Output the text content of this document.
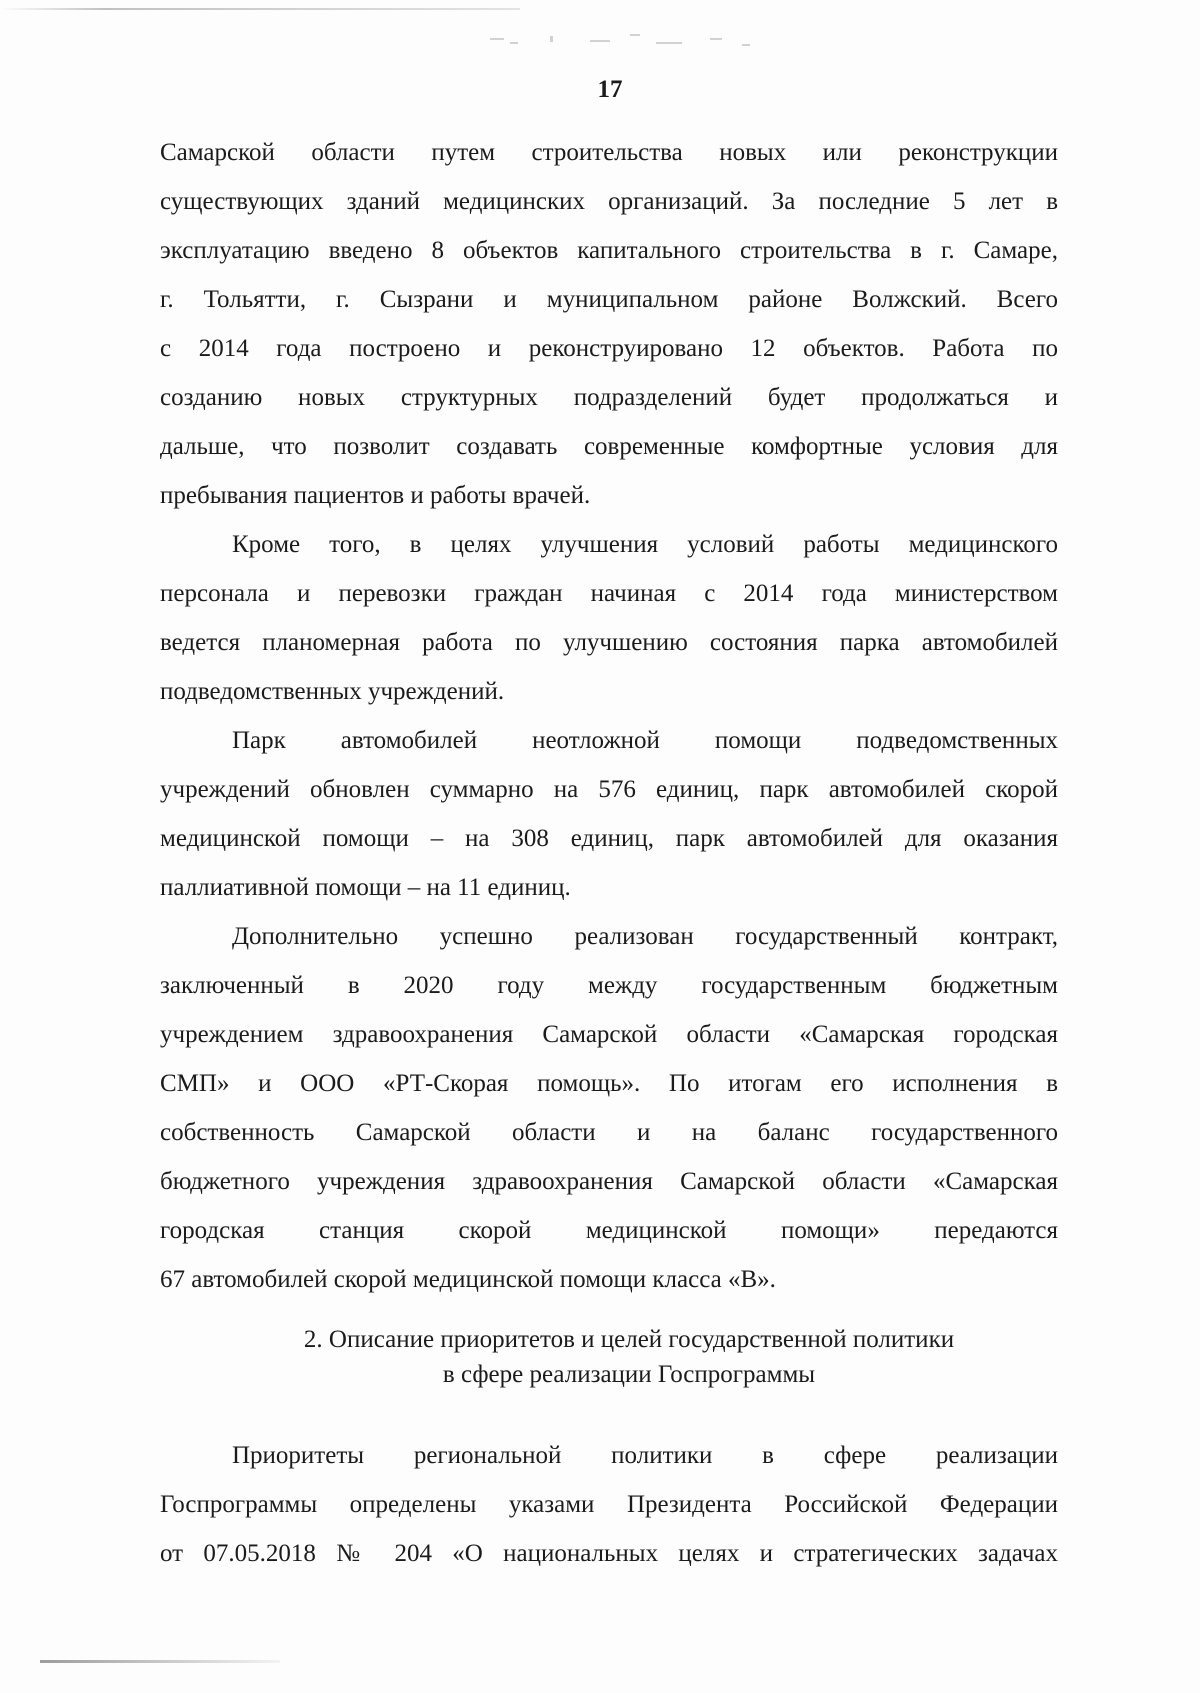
17
Самарской области путем строительства новых или реконструкции
существующих зданий медицинских организаций. За последние 5 лет в
эксплуатацию введено 8 объектов капитального строительства в г. Самаре,
г. Тольятти, г. Сызрани и муниципальном районе Волжский. Всего
с 2014 года построено и реконструировано 12 объектов. Работа по
созданию новых структурных подразделений будет продолжаться и
дальше, что позволит создавать современные комфортные условия для
пребывания пациентов и работы врачей.
Кроме того, в целях улучшения условий работы медицинского
персонала и перевозки граждан начиная с 2014 года министерством
ведется планомерная работа по улучшению состояния парка автомобилей
подведомственных учреждений.
Парк автомобилей неотложной помощи подведомственных
учреждений обновлен суммарно на 576 единиц, парк автомобилей скорой
медицинской помощи – на 308 единиц, парк автомобилей для оказания
паллиативной помощи – на 11 единиц.
Дополнительно успешно реализован государственный контракт,
заключенный в 2020 году между государственным бюджетным
учреждением здравоохранения Самарской области «Самарская городская
СМП» и ООО «РТ-Скорая помощь». По итогам его исполнения в
собственность Самарской области и на баланс государственного
бюджетного учреждения здравоохранения Самарской области «Самарская
городская станция скорой медицинской помощи» передаются
67 автомобилей скорой медицинской помощи класса «В».
2. Описание приоритетов и целей государственной политики
в сфере реализации Госпрограммы
Приоритеты региональной политики в сфере реализации
Госпрограммы определены указами Президента Российской Федерации
от 07.05.2018 № 204 «О национальных целях и стратегических задачах
